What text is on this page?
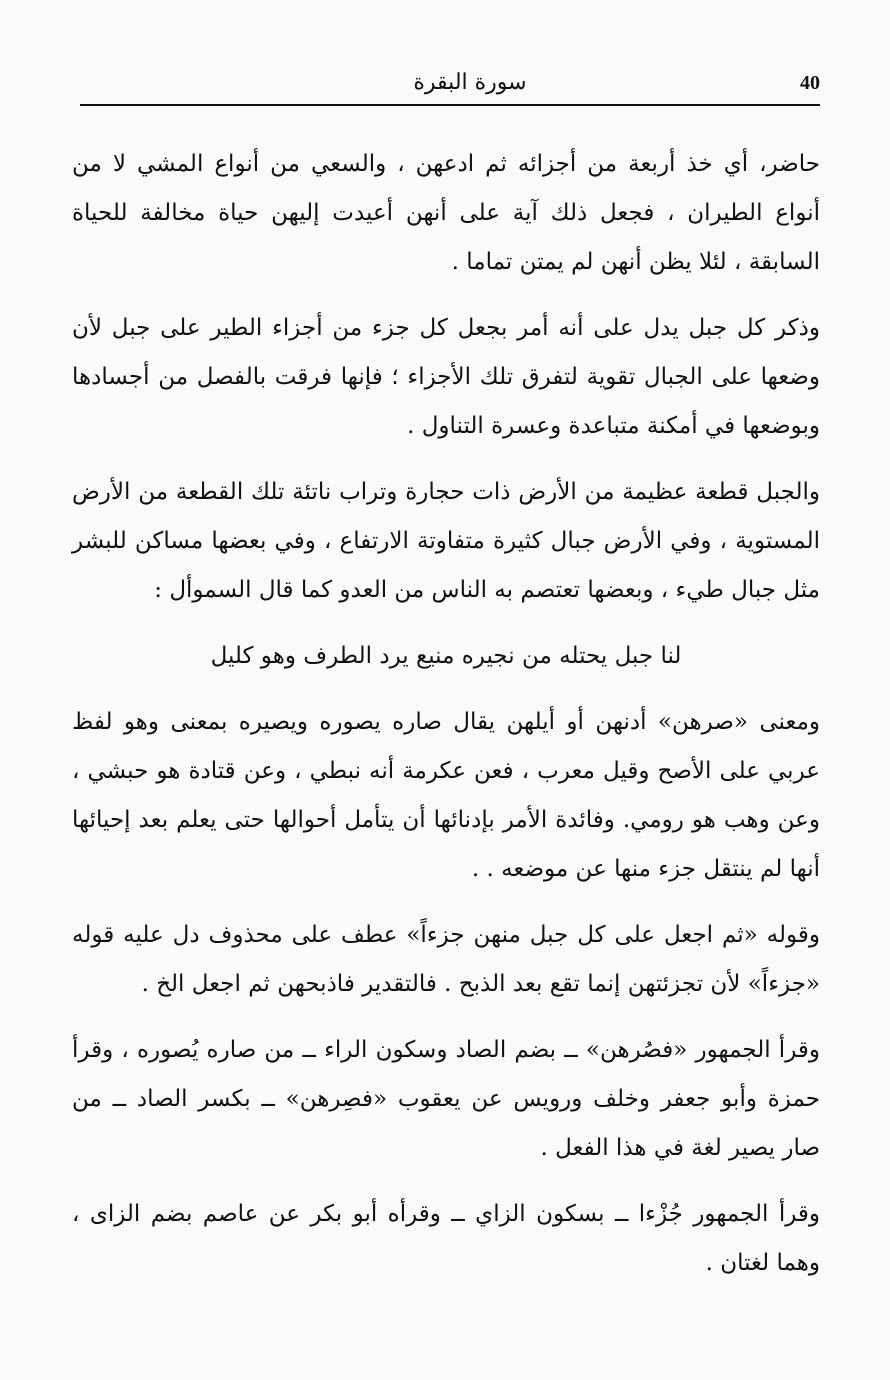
40
سورة البقرة

حاضر، أي خذ أربعة من أجزائه ثم ادعهن ، والسعي من أنواع المشي لا من أنواع الطيران ، فجعل ذلك آية على أنهن أعيدت إليهن حياة مخالفة للحياة السابقة ، لئلا يظن أنهن لم يمتن تماما .

وذكر كل جبل يدل على أنه أمر بجعل كل جزء من أجزاء الطير على جبل لأن وضعها على الجبال تقوية لتفرق تلك الأجزاء ؛ فإنها فرقت بالفصل من أجسادها وبوضعها في أمكنة متباعدة وعسرة التناول .

والجبل قطعة عظيمة من الأرض ذات حجارة وتراب ناتئة تلك القطعة من الأرض المستوية ، وفي الأرض جبال كثيرة متفاوتة الارتفاع ، وفي بعضها مساكن للبشر مثل جبال طيء ، وبعضها تعتصم به الناس من العدو كما قال السموأل :

لنا جبل يحتله من نجيره منيع يرد الطرف وهو كليل

ومعنى «صرهن» أدنهن أو أيلهن يقال صاره يصوره ويصيره بمعنى وهو لفظ عربي على الأصح وقيل معرب ، فعن عكرمة أنه نبطي ، وعن قتادة هو حبشي ، وعن وهب هو رومي. وفائدة الأمر بإدنائها أن يتأمل أحوالها حتى يعلم بعد إحيائها أنها لم ينتقل جزء منها عن موضعه . .

وقوله «ثم اجعل على كل جبل منهن جزءاً» عطف على محذوف دل عليه قوله «جزءاً» لأن تجزئتهن إنما تقع بعد الذبح . فالتقدير فاذبحهن ثم اجعل الخ .

وقرأ الجمهور «فصُرهن» ــ بضم الصاد وسكون الراء ــ من صاره يُصوره ، وقرأ حمزة وأبو جعفر وخلف ورويس عن يعقوب «فصِرهن» ــ بكسر الصاد ــ من صار يصير لغة في هذا الفعل .

وقرأ الجمهور جُزْءا ــ بسكون الزاي ــ وقرأه أبو بكر عن عاصم بضم الزاى ، وهما لغتان .
